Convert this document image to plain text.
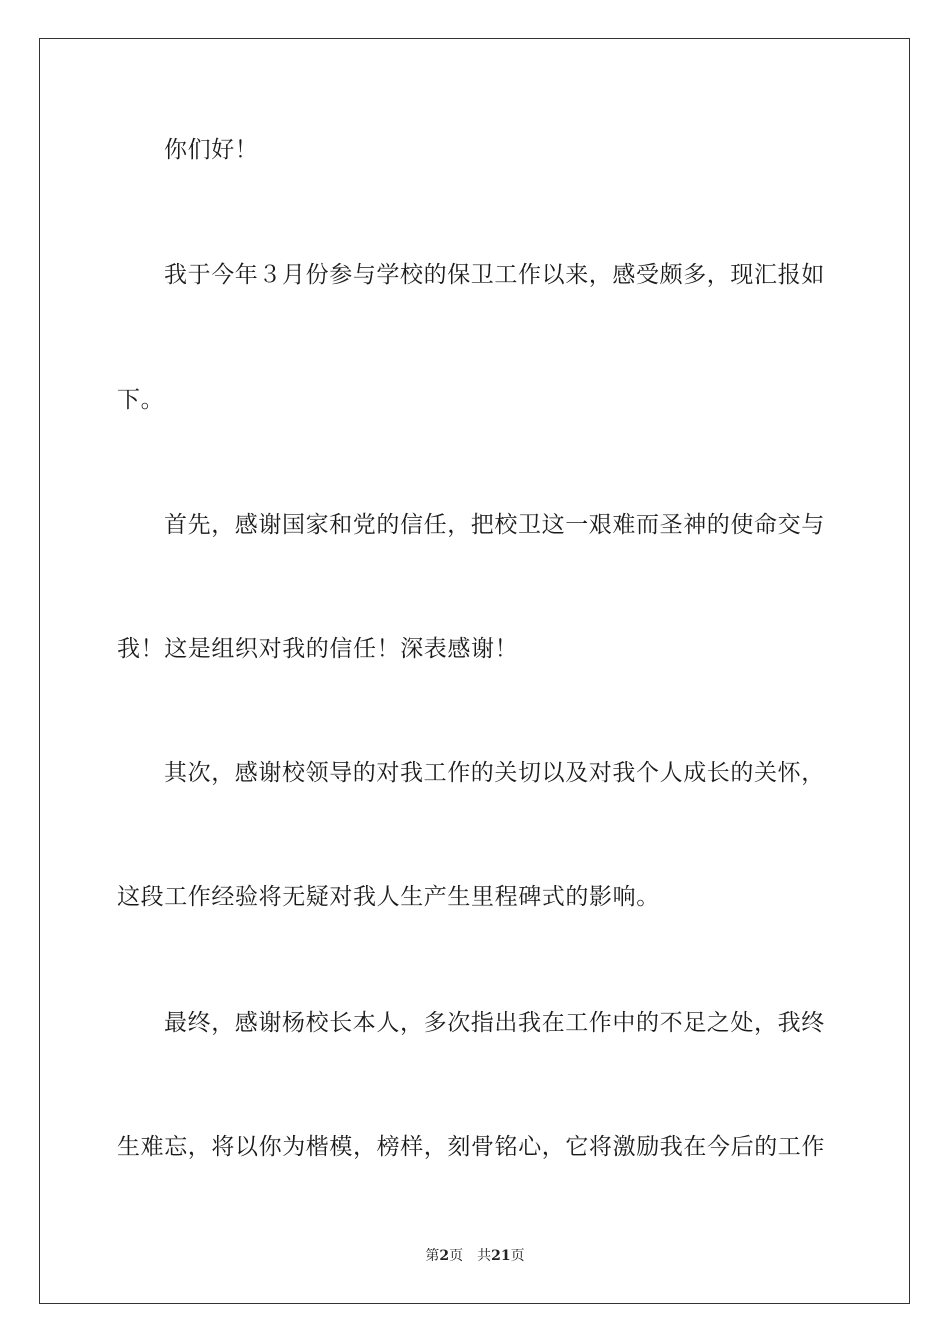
你们好！
我于今年３月份参与学校的保卫工作以来，感受颇多，现汇报如
下。
首先，感谢国家和党的信任，把校卫这一艰难而圣神的使命交与
我！这是组织对我的信任！深表感谢！
其次，感谢校领导的对我工作的关切以及对我个人成长的关怀，
这段工作经验将无疑对我人生产生里程碑式的影响。
最终，感谢杨校长本人，多次指出我在工作中的不足之处，我终
生难忘，将以你为楷模，榜样，刻骨铭心，它将激励我在今后的工作
第2页 共21页
